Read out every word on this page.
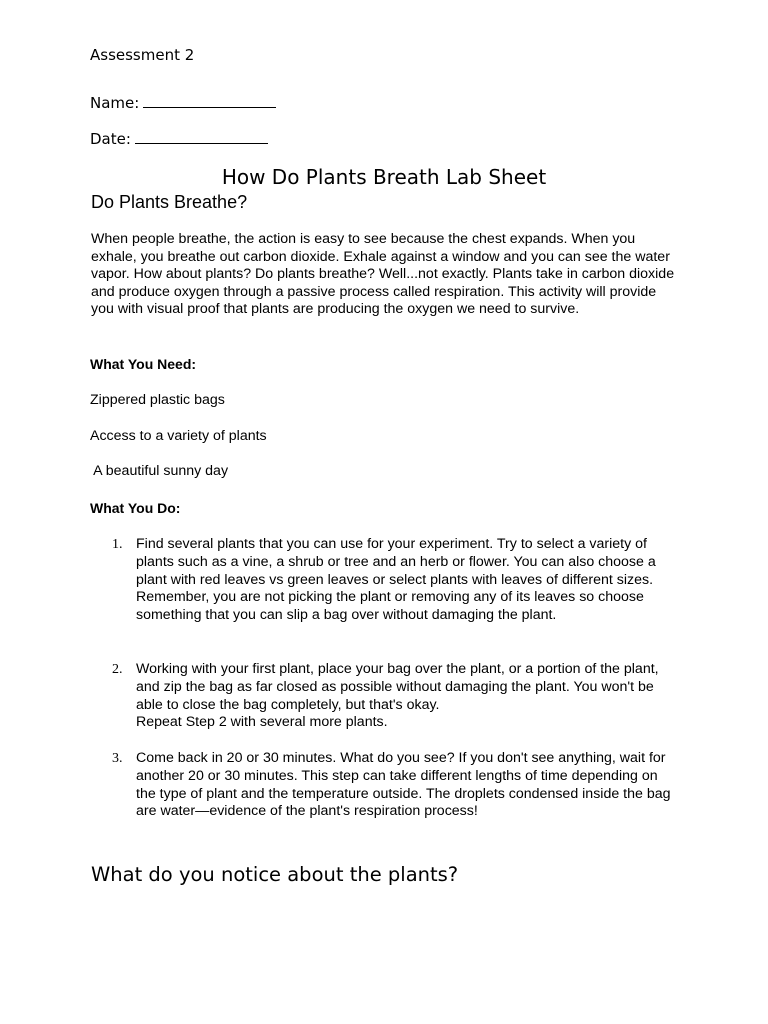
Assessment 2
Name:
Date:
How Do Plants Breath Lab Sheet
Do Plants Breathe?
When people breathe, the action is easy to see because the chest expands. When you exhale, you breathe out carbon dioxide. Exhale against a window and you can see the water vapor. How about plants? Do plants breathe? Well...not exactly. Plants take in carbon dioxide and produce oxygen through a passive process called respiration. This activity will provide you with visual proof that plants are producing the oxygen we need to survive.
What You Need:
Zippered plastic bags
Access to a variety of plants
A beautiful sunny day
What You Do:
1. Find several plants that you can use for your experiment. Try to select a variety of plants such as a vine, a shrub or tree and an herb or flower. You can also choose a plant with red leaves vs green leaves or select plants with leaves of different sizes. Remember, you are not picking the plant or removing any of its leaves so choose something that you can slip a bag over without damaging the plant.
2. Working with your first plant, place your bag over the plant, or a portion of the plant, and zip the bag as far closed as possible without damaging the plant. You won't be able to close the bag completely, but that's okay.
Repeat Step 2 with several more plants.
3. Come back in 20 or 30 minutes. What do you see? If you don't see anything, wait for another 20 or 30 minutes. This step can take different lengths of time depending on the type of plant and the temperature outside. The droplets condensed inside the bag are water—evidence of the plant's respiration process!
What do you notice about the plants?
